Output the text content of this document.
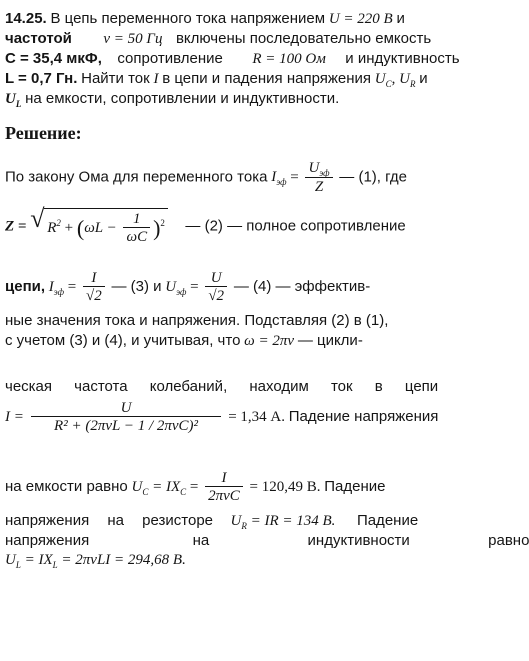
14.25. В цепь переменного тока напряжением U = 220 В и
частотой ν = 50 Гц включены последовательно емкость
С = 35,4 мкФ, сопротивление R = 100 Ом и индуктивность
L = 0,7 Гн. Найти ток I в цепи и падения напряжения $U_C$, $U_R$ и
$U_L$ на емкости, сопротивлении и индуктивности.
Решение:
По закону Ома для переменного тока $I_{эф} = \frac{U_{эф}}{Z}$ — (1), где
Z = √ $R^2 + (\omega L - \frac{1}{\omega C} )^2$ — (2) — полное сопротивление
цепи, $I_{эф} = \frac{I}{√2}$ — (3) и $U_{эф} = \frac{U}{√2}$ — (4) — эффектив-
ные значения тока и напряжения. Подставляя (2) в (1),
с учетом (3) и (4), и учитывая, что ω = 2πν — цикли-
ческая частота колебаний, находим ток в цепи
$I = \frac{U}{\text{R² + (2πνL − 1 / 2πνC)²}} = 1,34$ А. Падение напряжения
на емкости равно $U_C = IX_C = \frac{I}{\text{2πνC}} = 120,49$ В. Падение
напряжения на резисторе $U_R$ = IR = 134 В. Падение
напряжения	на	индуктивности	равно
$U_L = IX_L = 2\pi\nu LI = 294,68$ В.
